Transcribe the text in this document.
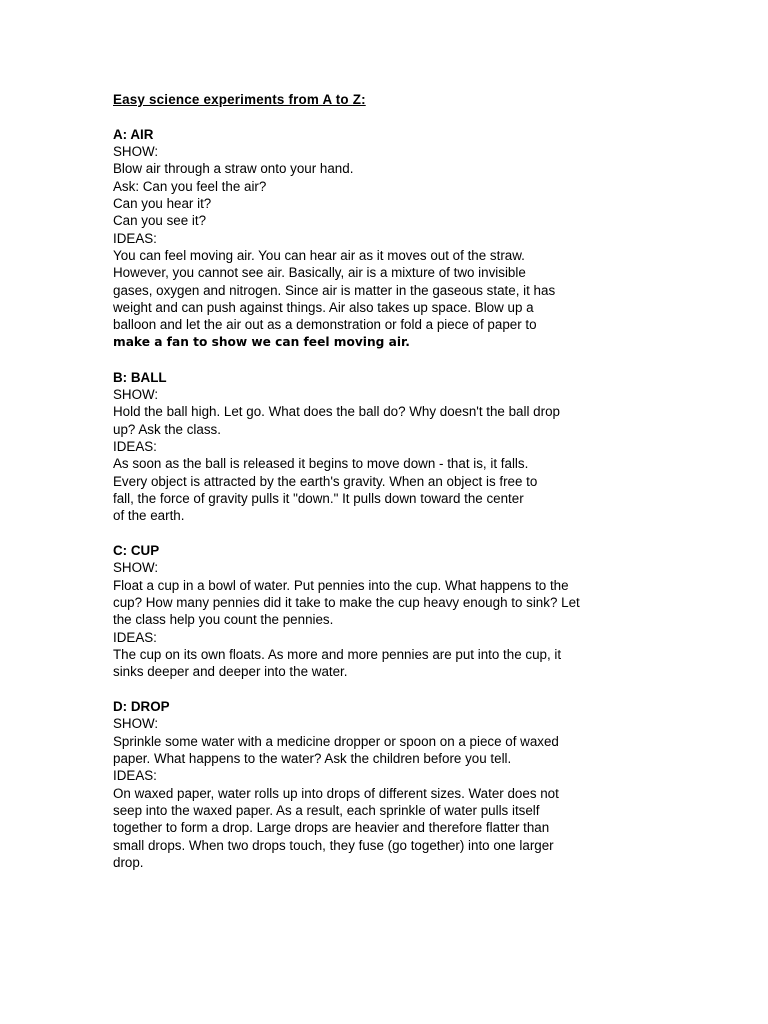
Easy science experiments from A to Z:
A: AIR
SHOW:
Blow air through a straw onto your hand.
Ask: Can you feel the air?
Can you hear it?
Can you see it?
IDEAS:
You can feel moving air. You can hear air as it moves out of the straw.
However, you cannot see air. Basically, air is a mixture of two invisible
gases, oxygen and nitrogen. Since air is matter in the gaseous state, it has
weight and can push against things. Air also takes up space. Blow up a
balloon and let the air out as a demonstration or fold a piece of paper to
make a fan to show we can feel moving air.
B: BALL
SHOW:
Hold the ball high. Let go. What does the ball do? Why doesn't the ball drop
up? Ask the class.
IDEAS:
As soon as the ball is released it begins to move down - that is, it falls.
Every object is attracted by the earth's gravity. When an object is free to
fall, the force of gravity pulls it "down." It pulls down toward the center
of the earth.
C: CUP
SHOW:
Float a cup in a bowl of water. Put pennies into the cup. What happens to the
cup? How many pennies did it take to make the cup heavy enough to sink? Let
the class help you count the pennies.
IDEAS:
The cup on its own floats. As more and more pennies are put into the cup, it
sinks deeper and deeper into the water.
D: DROP
SHOW:
Sprinkle some water with a medicine dropper or spoon on a piece of waxed
paper. What happens to the water? Ask the children before you tell.
IDEAS:
On waxed paper, water rolls up into drops of different sizes. Water does not
seep into the waxed paper. As a result, each sprinkle of water pulls itself
together to form a drop. Large drops are heavier and therefore flatter than
small drops. When two drops touch, they fuse (go together) into one larger
drop.
